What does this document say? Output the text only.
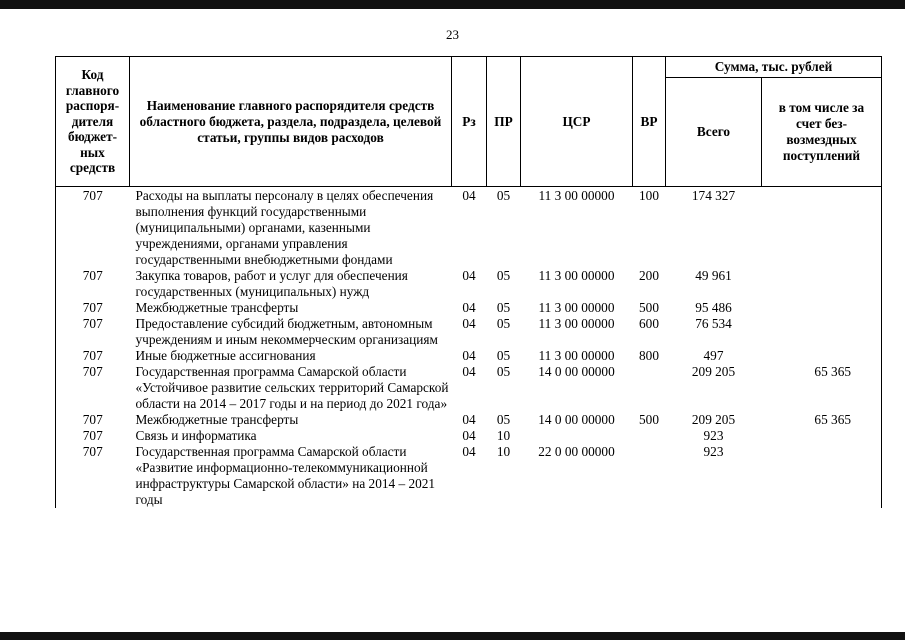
23
Код главного распоря-дителя бюджет-ных средств	Наименование главного распорядителя средств областного бюджета, раздела, подраздела, целевой статьи, группы видов расходов	Рз	ПР	ЦСР	ВР	Сумма, тыс. рублей	
						Всего	в том числе за счет без-возмездных поступлений
707	Расходы на выплаты персоналу в целях обеспечения выполнения функций государственными (муниципальными) органами, казенными учреждениями, органами управления государственными внебюджетными фондами	04	05	11 3 00 00000	100	174 327	
707	Закупка товаров, работ и услуг для обеспечения государственных (муниципальных) нужд	04	05	11 3 00 00000	200	49 961	
707	Межбюджетные трансферты	04	05	11 3 00 00000	500	95 486	
707	Предоставление субсидий бюджетным, автономным учреждениям и иным некоммерческим организациям	04	05	11 3 00 00000	600	76 534	
707	Иные бюджетные ассигнования	04	05	11 3 00 00000	800	497	
707	Государственная программа Самарской области «Устойчивое развитие сельских территорий Самарской области на 2014 – 2017 годы и на период до 2021 года»	04	05	14 0 00 00000		209 205	65 365
707	Межбюджетные трансферты	04	05	14 0 00 00000	500	209 205	65 365
707	Связь и информатика	04	10			923	
707	Государственная программа Самарской области «Развитие информационно-телекоммуникационной инфраструктуры Самарской области» на 2014 – 2021 годы	04	10	22 0 00 00000		923	
